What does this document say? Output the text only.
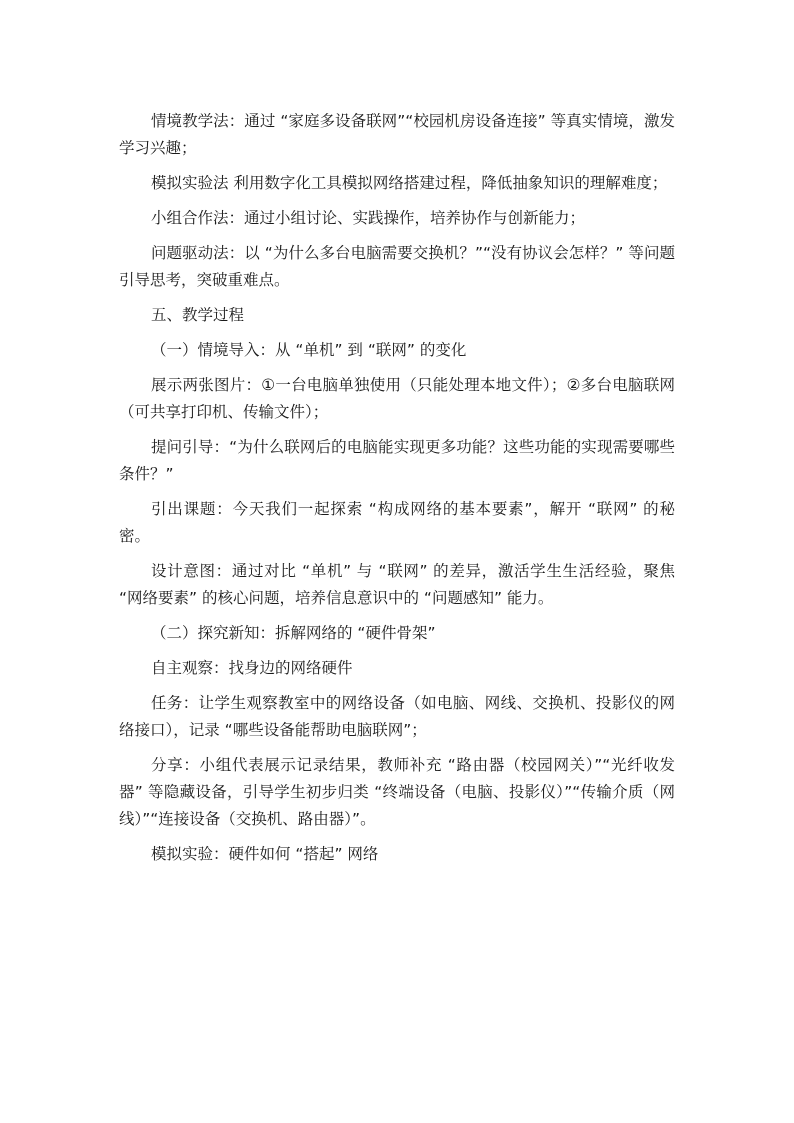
情境教学法：通过 “家庭多设备联网”“校园机房设备连接” 等真实情境，激发学习兴趣；

模拟实验法 利用数字化工具模拟网络搭建过程，降低抽象知识的理解难度；

小组合作法：通过小组讨论、实践操作，培养协作与创新能力；

问题驱动法：以 “为什么多台电脑需要交换机？”“没有协议会怎样？” 等问题引导思考，突破重难点。

五、教学过程

（一）情境导入：从 “单机” 到 “联网” 的变化

展示两张图片：①一台电脑单独使用（只能处理本地文件）；②多台电脑联网（可共享打印机、传输文件）；

提问引导：“为什么联网后的电脑能实现更多功能？这些功能的实现需要哪些条件？”

引出课题：今天我们一起探索 “构成网络的基本要素”，解开 “联网” 的秘密。

设计意图：通过对比 “单机” 与 “联网” 的差异，激活学生生活经验，聚焦 “网络要素” 的核心问题，培养信息意识中的 “问题感知” 能力。

（二）探究新知：拆解网络的 “硬件骨架”

自主观察：找身边的网络硬件

任务：让学生观察教室中的网络设备（如电脑、网线、交换机、投影仪的网络接口），记录 “哪些设备能帮助电脑联网”；

分享：小组代表展示记录结果，教师补充 “路由器（校园网关）”“光纤收发器” 等隐藏设备，引导学生初步归类 “终端设备（电脑、投影仪）”“传输介质（网线）”“连接设备（交换机、路由器）”。

模拟实验：硬件如何 “搭起” 网络
